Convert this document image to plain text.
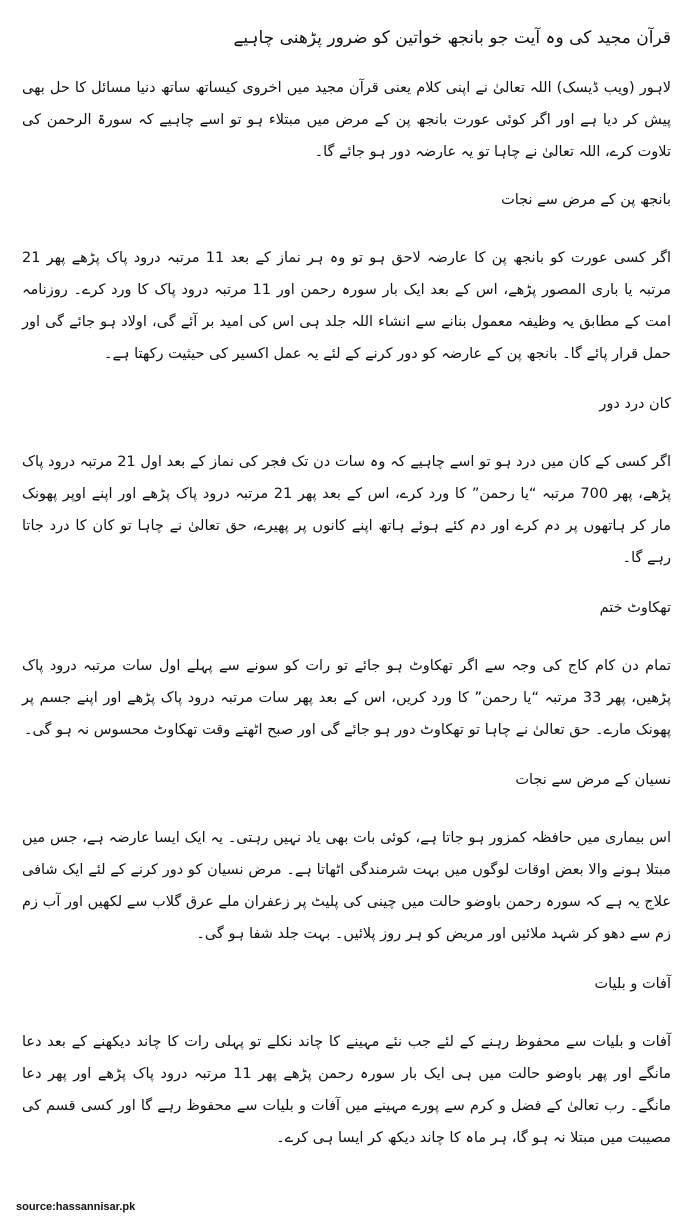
قرآن مجید کی وہ آیت جو بانجھ خواتین کو ضرور پڑھنی چاہیے

لاہور (ویب ڈیسک) اللہ تعالیٰ نے اپنی کلام یعنی قرآن مجید میں اخروی کیساتھ ساتھ دنیا مسائل کا حل بھی پیش کر دیا ہے اور اگر کوئی عورت بانجھ پن کے مرض میں مبتلاء ہو تو اسے چاہیے کہ سورۃ الرحمن کی تلاوت کرے، اللہ تعالیٰ نے چاہا تو یہ عارضہ دور ہو جائے گا۔

بانجھ پن کے مرض سے نجات

اگر کسی عورت کو بانجھ پن کا عارضہ لاحق ہو تو وہ ہر نماز کے بعد 11 مرتبہ درود پاک پڑھے پھر 21 مرتبہ یا باری المصور پڑھے، اس کے بعد ایک بار سورہ رحمن اور 11 مرتبہ درود پاک کا ورد کرے۔ روزنامہ امت کے مطابق یہ وظیفہ معمول بنانے سے انشاء اللہ جلد ہی اس کی امید بر آئے گی، اولاد ہو جائے گی اور حمل قرار پائے گا۔ بانجھ پن کے عارضہ کو دور کرنے کے لئے یہ عمل اکسیر کی حیثیت رکھتا ہے۔

کان درد دور

اگر کسی کے کان میں درد ہو تو اسے چاہیے کہ وہ سات دن تک فجر کی نماز کے بعد اول 21 مرتبہ درود پاک پڑھے، پھر 700 مرتبہ “یا رحمن” کا ورد کرے، اس کے بعد پھر 21 مرتبہ درود پاک پڑھے اور اپنے اوپر پھونک مار کر ہاتھوں پر دم کرے اور دم کئے ہوئے ہاتھ اپنے کانوں پر پھیرے، حق تعالیٰ نے چاہا تو کان کا درد جاتا رہے گا۔

تھکاوٹ ختم

تمام دن کام کاج کی وجہ سے اگر تھکاوٹ ہو جائے تو رات کو سونے سے پہلے اول سات مرتبہ درود پاک پڑھیں، پھر 33 مرتبہ “یا رحمن” کا ورد کریں، اس کے بعد پھر سات مرتبہ درود پاک پڑھے اور اپنے جسم پر پھونک مارے۔ حق تعالیٰ نے چاہا تو تھکاوٹ دور ہو جائے گی اور صبح اٹھتے وقت تھکاوٹ محسوس نہ ہو گی۔

نسیان کے مرض سے نجات

اس بیماری میں حافظہ کمزور ہو جاتا ہے، کوئی بات بھی یاد نہیں رہتی۔ یہ ایک ایسا عارضہ ہے، جس میں مبتلا ہونے والا بعض اوقات لوگوں میں بہت شرمندگی اٹھاتا ہے۔ مرض نسیان کو دور کرنے کے لئے ایک شافی علاج یہ ہے کہ سورہ رحمن باوضو حالت میں چینی کی پلیٹ پر زعفران ملے عرق گلاب سے لکھیں اور آب زم زم سے دھو کر شہد ملائیں اور مریض کو ہر روز پلائیں۔ بہت جلد شفا ہو گی۔

آفات و بلیات

آفات و بلیات سے محفوظ رہنے کے لئے جب نئے مہینے کا چاند نکلے تو پہلی رات کا چاند دیکھنے کے بعد دعا مانگے اور پھر باوضو حالت میں ہی ایک بار سورہ رحمن پڑھے پھر 11 مرتبہ درود پاک پڑھے اور پھر دعا مانگے۔ رب تعالیٰ کے فضل و کرم سے پورے مہینے میں آفات و بلیات سے محفوظ رہے گا اور کسی قسم کی مصیبت میں مبتلا نہ ہو گا، ہر ماہ کا چاند دیکھ کر ایسا ہی کرے۔

source:hassannisar.pk
